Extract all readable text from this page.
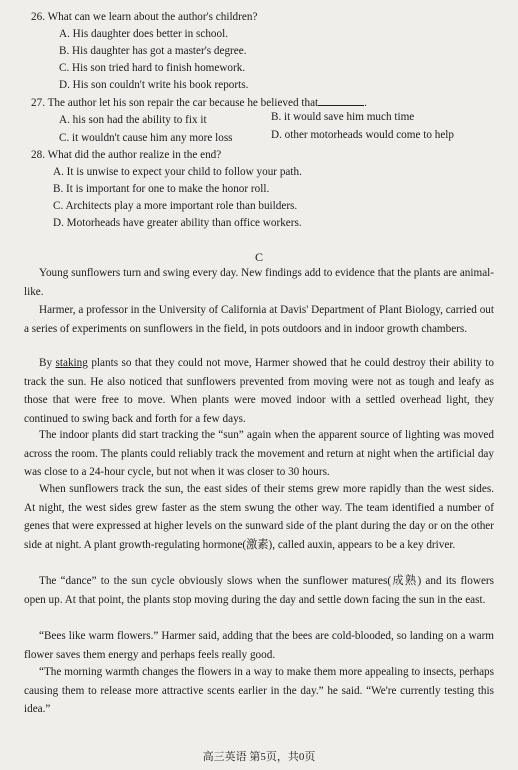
26. What can we learn about the author's children?
A. His daughter does better in school.
B. His daughter has got a master's degree.
C. His son tried hard to finish homework.
D. His son couldn't write his book reports.
27. The author let his son repair the car because he believed that	.
A. his son had the ability to fix it	B. it would save him much time
C. it wouldn't cause him any more loss	D. other motorheads would come to help
28. What did the author realize in the end?
A. It is unwise to expect your child to follow your path.
B. It is important for one to make the honor roll.
C. Architects play a more important role than builders.
D. Motorheads have greater ability than office workers.
C

Young sunflowers turn and swing every day. New findings add to evidence that the plants are animal-like.

Harmer, a professor in the University of California at Davis' Department of Plant Biology, carried out a series of experiments on sunflowers in the field, in pots outdoors and in indoor growth chambers.

By staking plants so that they could not move, Harmer showed that he could destroy their ability to track the sun. He also noticed that sunflowers prevented from moving were not as tough and leafy as those that were free to move. When plants were moved indoor with a settled overhead light, they continued to swing back and forth for a few days.

The indoor plants did start tracking the “sun” again when the apparent source of lighting was moved across the room. The plants could reliably track the movement and return at night when the artificial day was close to a 24-hour cycle, but not when it was closer to 30 hours.

When sunflowers track the sun, the east sides of their stems grew more rapidly than the west sides. At night, the west sides grew faster as the stem swung the other way. The team identified a number of genes that were expressed at higher levels on the sunward side of the plant during the day or on the other side at night. A plant growth-regulating hormone(激素), called auxin, appears to be a key driver.

The “dance” to the sun cycle obviously slows when the sunflower matures(成熟) and its flowers open up. At that point, the plants stop moving during the day and settle down facing the sun in the east.

“Bees like warm flowers.” Harmer said, adding that the bees are cold-blooded, so landing on a warm flower saves them energy and perhaps feels really good.

“The morning warmth changes the flowers in a way to make them more appealing to insects, perhaps causing them to release more attractive scents earlier in the day.” he said. “We're currently testing this idea.”

高三英语 第5页，共0页
